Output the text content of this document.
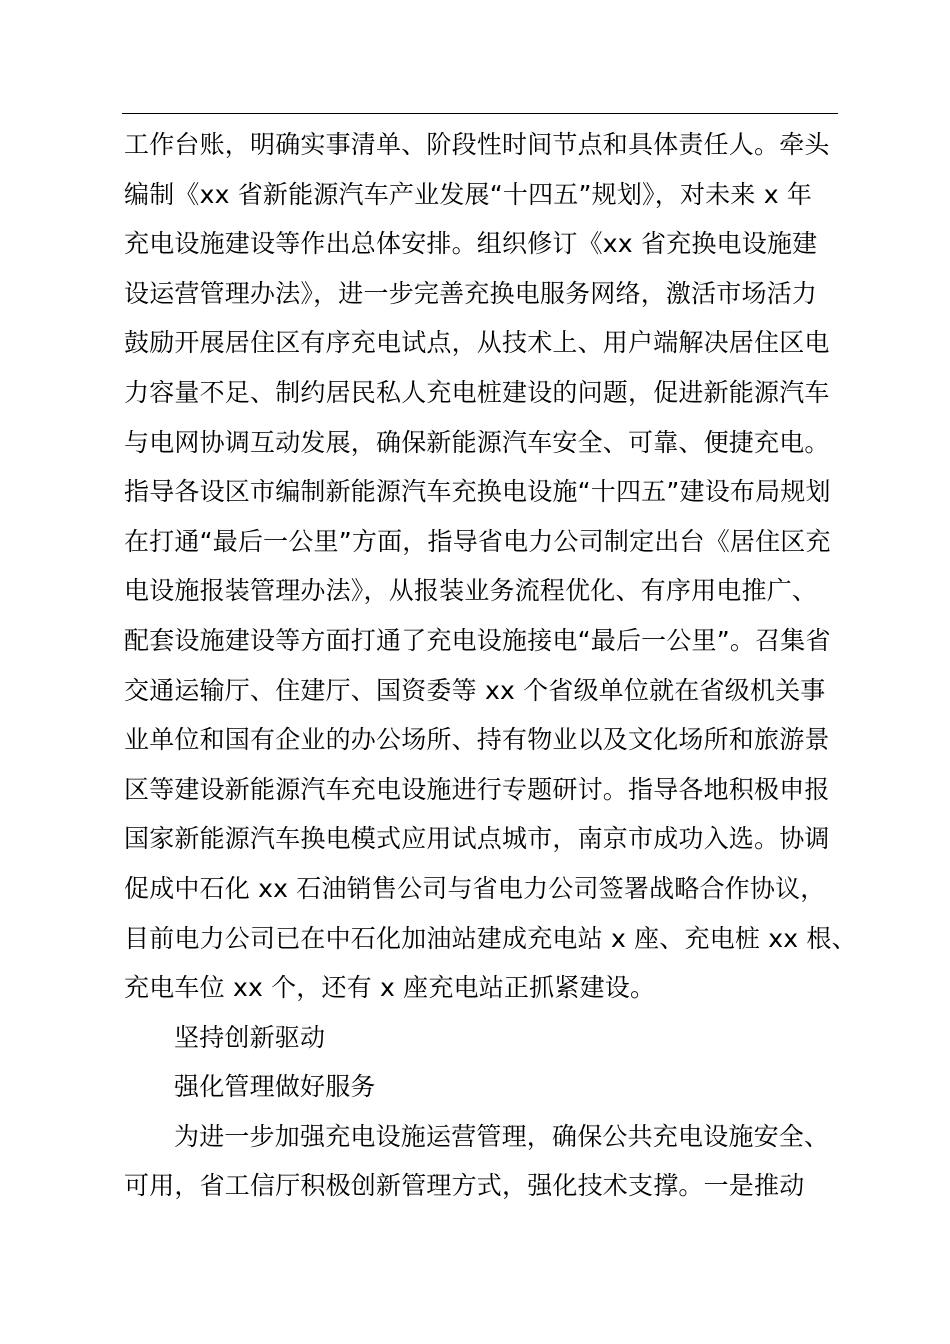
工作台账，明确实事清单、阶段性时间节点和具体责任人。牵头
编制《xx 省新能源汽车产业发展“十四五”规划》，对未来 x 年
充电设施建设等作出总体安排。组织修订《xx 省充换电设施建
设运营管理办法》，进一步完善充换电服务网络，激活市场活力
鼓励开展居住区有序充电试点，从技术上、用户端解决居住区电
力容量不足、制约居民私人充电桩建设的问题，促进新能源汽车
与电网协调互动发展，确保新能源汽车安全、可靠、便捷充电。
指导各设区市编制新能源汽车充换电设施“十四五”建设布局规划
在打通“最后一公里”方面，指导省电力公司制定出台《居住区充
电设施报装管理办法》，从报装业务流程优化、有序用电推广、
配套设施建设等方面打通了充电设施接电“最后一公里”。召集省
交通运输厅、住建厅、国资委等 xx 个省级单位就在省级机关事
业单位和国有企业的办公场所、持有物业以及文化场所和旅游景
区等建设新能源汽车充电设施进行专题研讨。指导各地积极申报
国家新能源汽车换电模式应用试点城市，南京市成功入选。协调
促成中石化 xx 石油销售公司与省电力公司签署战略合作协议，
目前电力公司已在中石化加油站建成充电站 x 座、充电桩 xx 根、
充电车位 xx 个，还有 x 座充电站正抓紧建设。
坚持创新驱动
强化管理做好服务
为进一步加强充电设施运营管理，确保公共充电设施安全、
可用，省工信厅积极创新管理方式，强化技术支撑。一是推动
